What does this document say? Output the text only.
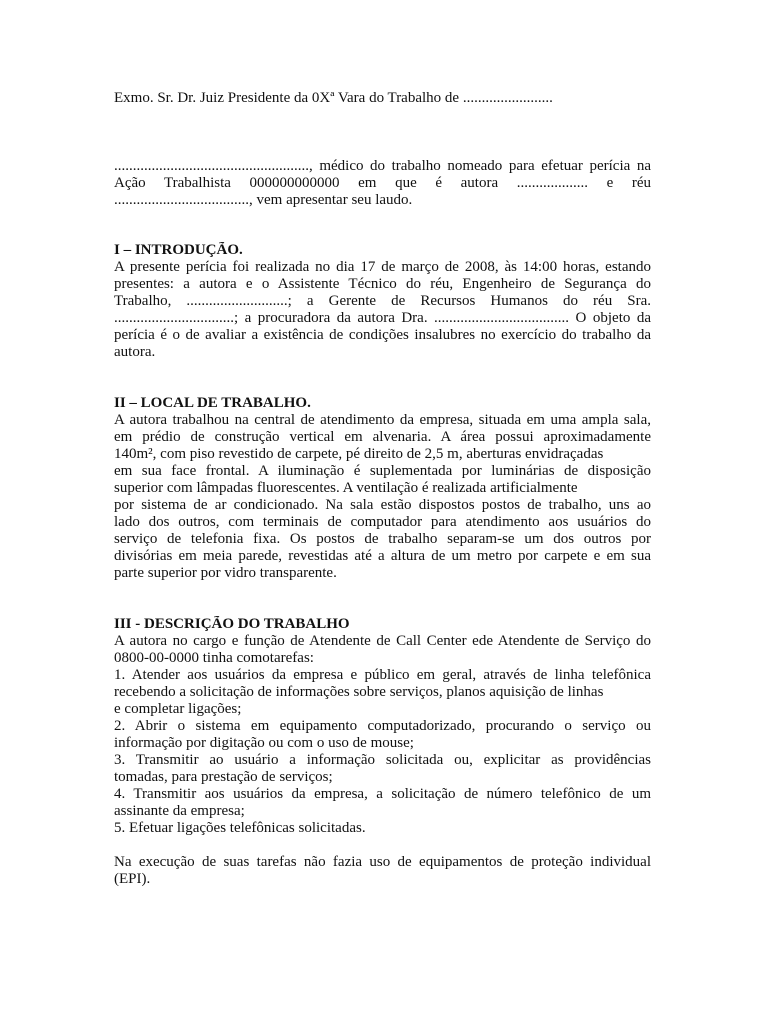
Exmo. Sr. Dr. Juiz Presidente da 0Xª Vara do Trabalho de ........................
...................................................., médico do trabalho nomeado para efetuar perícia na
Ação Trabalhista 000000000000 em que é autora ................... e réu
...................................., vem apresentar seu laudo.
I – INTRODUÇÃO.
A presente perícia foi realizada no dia 17 de março de 2008, às 14:00 horas, estando
presentes: a autora e o Assistente Técnico do réu, Engenheiro de Segurança do
Trabalho, ...........................; a Gerente de Recursos Humanos do réu Sra.
................................; a procuradora da autora Dra. .................................... O objeto da
perícia é o de avaliar a existência de condições insalubres no exercício do trabalho da
autora.
II – LOCAL DE TRABALHO.
A autora trabalhou na central de atendimento da empresa, situada em uma ampla sala,
em prédio de construção vertical em alvenaria. A área possui aproximadamente
140m², com piso revestido de carpete, pé direito de 2,5 m, aberturas envidraçadas
em sua face frontal. A iluminação é suplementada por luminárias de disposição
superior com lâmpadas fluorescentes. A ventilação é realizada artificialmente
por sistema de ar condicionado. Na sala estão dispostos postos de trabalho, uns ao
lado dos outros, com terminais de computador para atendimento aos usuários do
serviço de telefonia fixa. Os postos de trabalho separam-se um dos outros por
divisórias em meia parede, revestidas até a altura de um metro por carpete e em sua
parte superior por vidro transparente.
III - DESCRIÇÃO DO TRABALHO
A autora no cargo e função de Atendente de Call Center ede Atendente de Serviço do
0800-00-0000 tinha comotarefas:
1. Atender aos usuários da empresa e público em geral, através de linha telefônica
recebendo a solicitação de informações sobre serviços, planos aquisição de linhas
e completar ligações;
2. Abrir o sistema em equipamento computadorizado, procurando o serviço ou
informação por digitação ou com o uso de mouse;
3. Transmitir ao usuário a informação solicitada ou, explicitar as providências
tomadas, para prestação de serviços;
4. Transmitir aos usuários da empresa, a solicitação de número telefônico de um
assinante da empresa;
5. Efetuar ligações telefônicas solicitadas.
Na execução de suas tarefas não fazia uso de equipamentos de proteção individual
(EPI).
